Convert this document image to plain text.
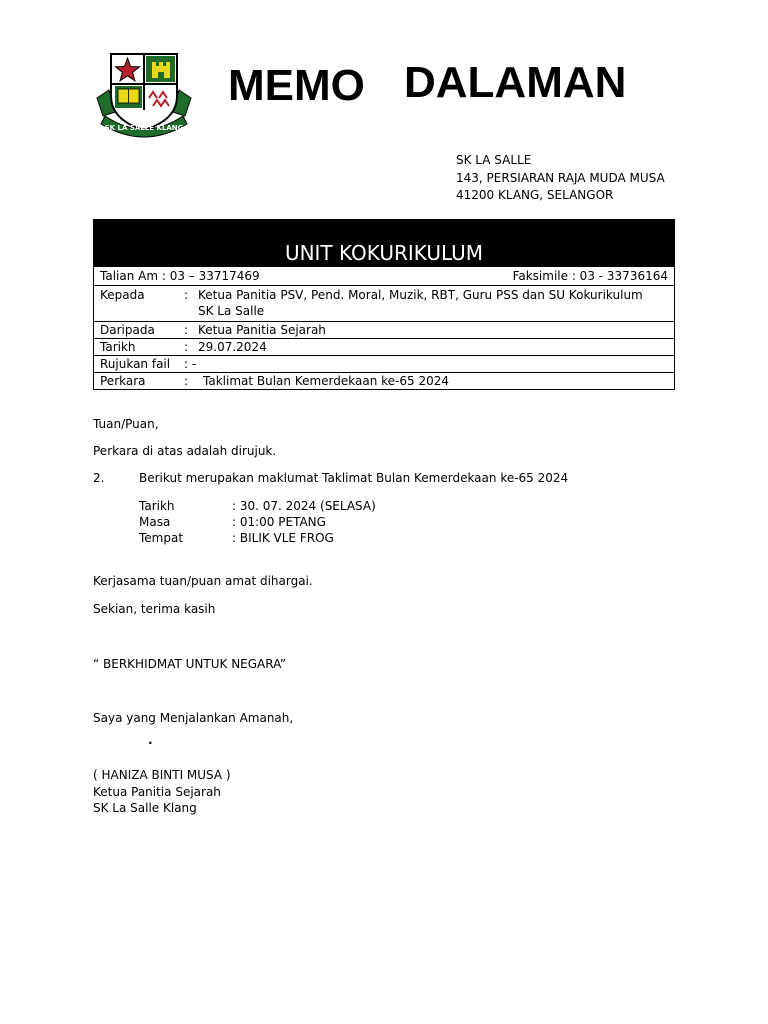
SK LA SALLE KLANG
MEMO DALAMAN
SK LA SALLE
143, PERSIARAN RAJA MUDA MUSA
41200 KLANG, SELANGOR
UNIT KOKURIKULUM

Talian Am : 03 – 33717469	Faksimile : 03 - 33736164

Kepada	: Ketua Panitia PSV, Pend. Moral, Muzik, RBT, Guru PSS dan SU Kokurikulum
SK La Salle

Daripada	: Ketua Panitia Sejarah

Tarikh	: 29.07.2024

Rujukan fail	: -

Perkara	:	Taklimat Bulan Kemerdekaan ke-65 2024
Tuan/Puan,
Perkara di atas adalah dirujuk.
2.	Berikut merupakan maklumat Taklimat Bulan Kemerdekaan ke-65 2024
Tarikh	: 30. 07. 2024 (SELASA)
Masa	: 01:00 PETANG
Tempat	: BILIK VLE FROG
Kerjasama tuan/puan amat dihargai.
Sekian, terima kasih
“ BERKHIDMAT UNTUK NEGARA”
Saya yang Menjalankan Amanah,
.
( HANIZA BINTI MUSA )
Ketua Panitia Sejarah
SK La Salle Klang
